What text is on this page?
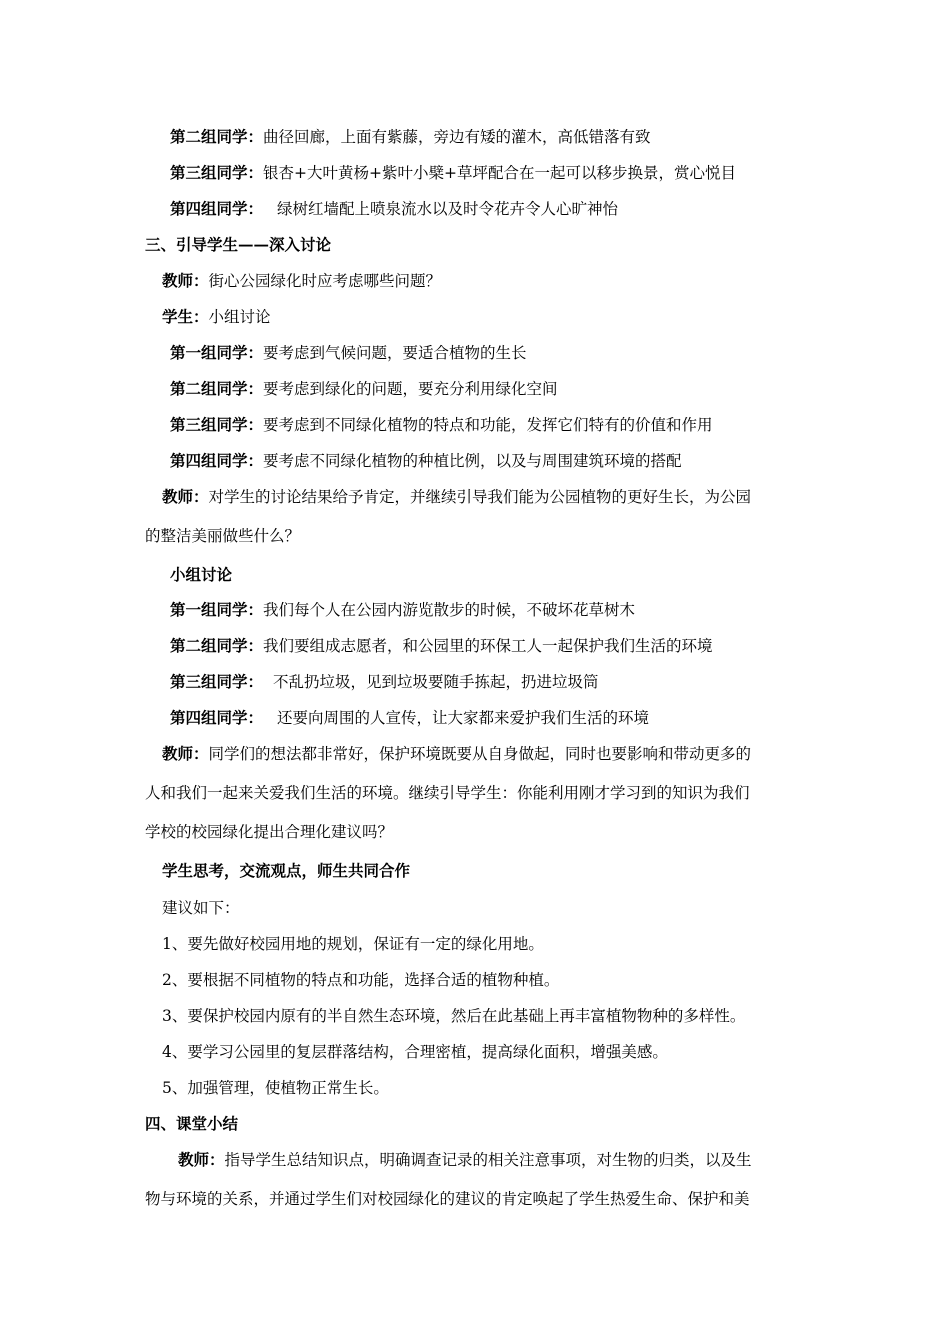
第二组同学：曲径回廊，上面有紫藤，旁边有矮的灌木，高低错落有致
第三组同学：银杏+大叶黄杨+紫叶小檗+草坪配合在一起可以移步换景，赏心悦目
第四组同学： 绿树红墙配上喷泉流水以及时令花卉令人心旷神怡
三、引导学生——深入讨论
教师：街心公园绿化时应考虑哪些问题？
学生：小组讨论
第一组同学：要考虑到气候问题，要适合植物的生长
第二组同学：要考虑到绿化的问题，要充分利用绿化空间
第三组同学：要考虑到不同绿化植物的特点和功能，发挥它们特有的价值和作用
第四组同学：要考虑不同绿化植物的种植比例，以及与周围建筑环境的搭配
教师：对学生的讨论结果给予肯定，并继续引导我们能为公园植物的更好生长，为公园
的整洁美丽做些什么？
小组讨论
第一组同学：我们每个人在公园内游览散步的时候，不破坏花草树木
第二组同学：我们要组成志愿者，和公园里的环保工人一起保护我们生活的环境
第三组同学： 不乱扔垃圾，见到垃圾要随手拣起，扔进垃圾筒
第四组同学： 还要向周围的人宣传，让大家都来爱护我们生活的环境
教师：同学们的想法都非常好，保护环境既要从自身做起，同时也要影响和带动更多的
人和我们一起来关爱我们生活的环境。继续引导学生：你能利用刚才学习到的知识为我们
学校的校园绿化提出合理化建议吗？
学生思考，交流观点，师生共同合作
建议如下：
1、要先做好校园用地的规划，保证有一定的绿化用地。
2、要根据不同植物的特点和功能，选择合适的植物种植。
3、要保护校园内原有的半自然生态环境，然后在此基础上再丰富植物物种的多样性。
4、要学习公园里的复层群落结构，合理密植，提高绿化面积，增强美感。
5、加强管理，使植物正常生长。
四、课堂小结
教师：指导学生总结知识点，明确调查记录的相关注意事项，对生物的归类，以及生
物与环境的关系，并通过学生们对校园绿化的建议的肯定唤起了学生热爱生命、保护和美
